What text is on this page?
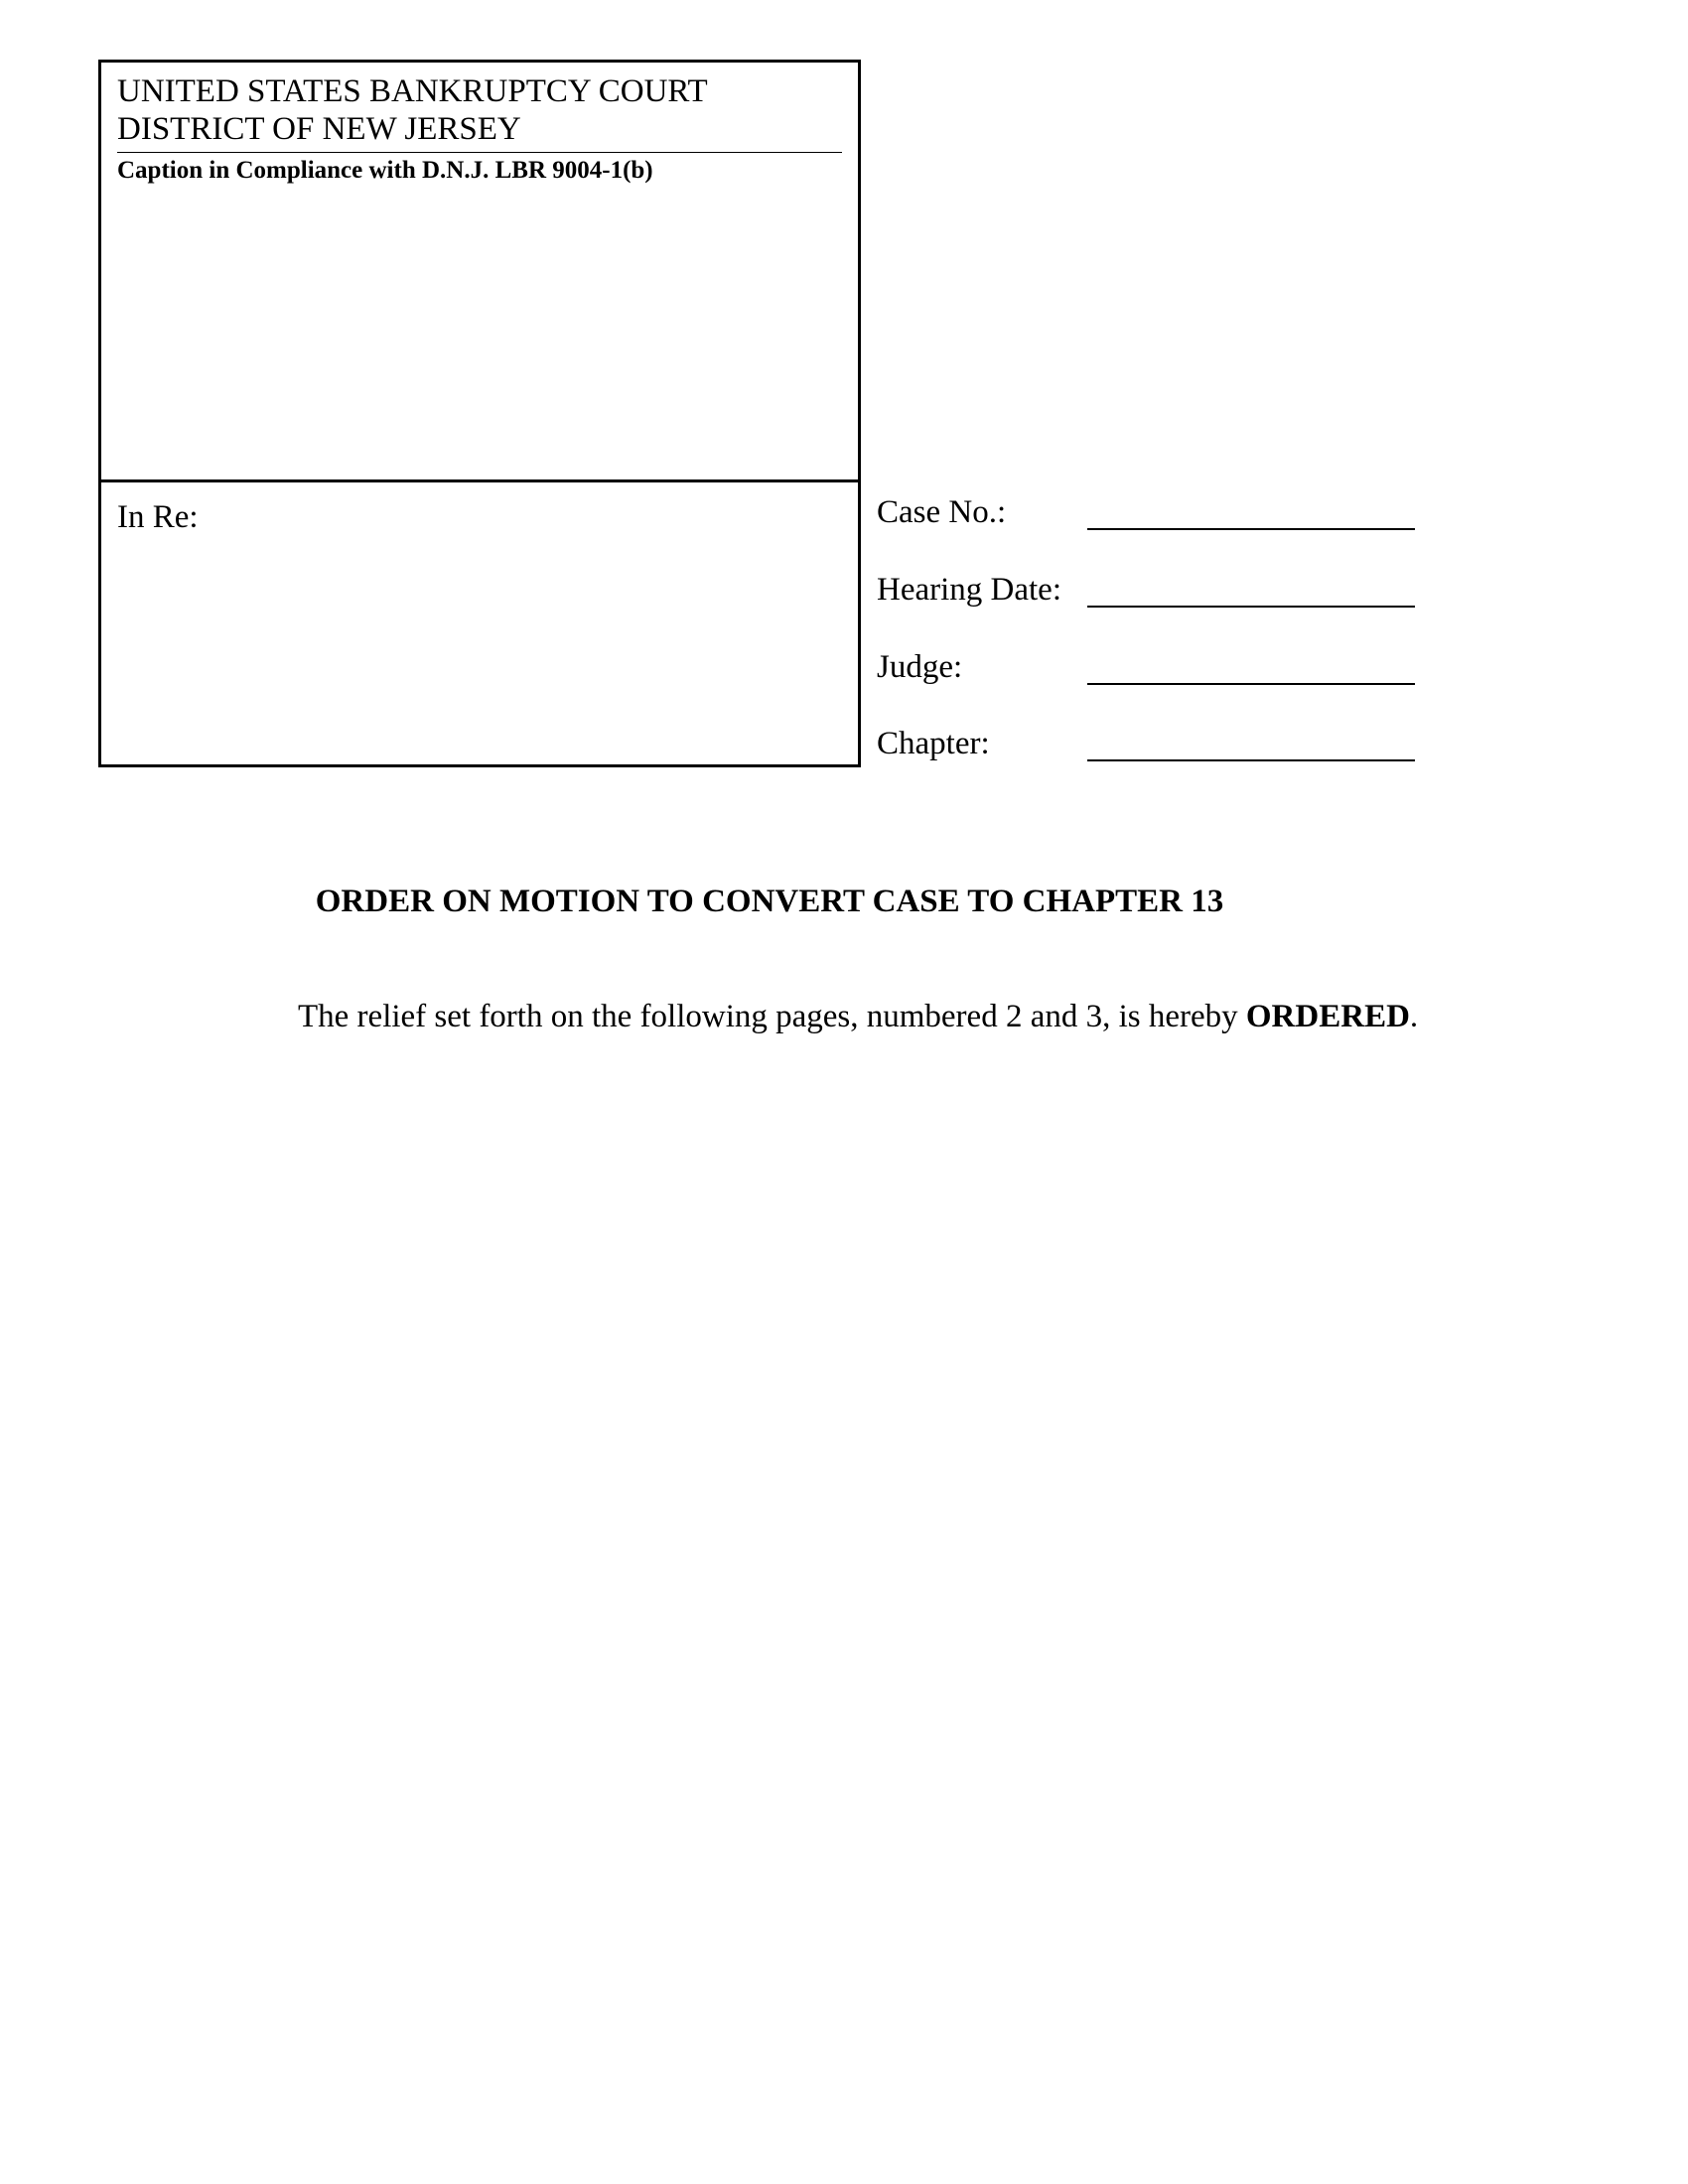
UNITED STATES BANKRUPTCY COURT
DISTRICT OF NEW JERSEY
Caption in Compliance with D.N.J. LBR 9004-1(b)
In Re:	Case No.:
Hearing Date:
Judge:
Chapter:
ORDER ON MOTION TO CONVERT CASE TO CHAPTER 13
The relief set forth on the following pages, numbered 2 and 3, is hereby ORDERED.
